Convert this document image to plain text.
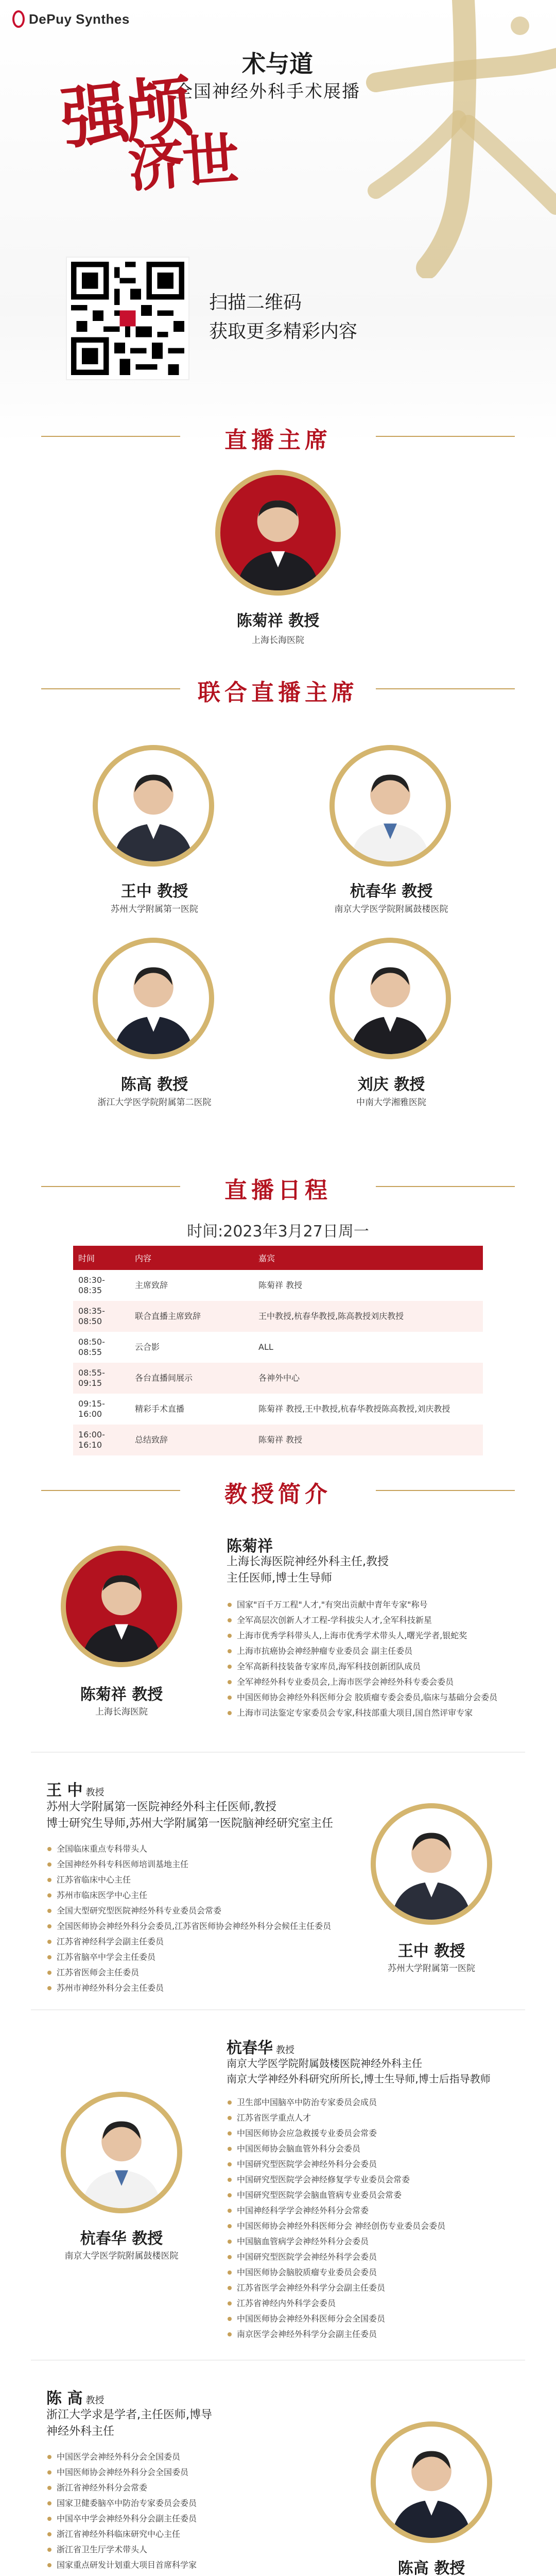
DePuy Synthes
术与道
全国神经外科手术展播
强颅
济世
扫描二维码
获取更多精彩内容
直播主席
陈菊祥 教授
上海长海医院
联合直播主席
王中 教授
苏州大学附属第一医院
杭春华 教授
南京大学医学院附属鼓楼医院
陈高 教授
浙江大学医学院附属第二医院
刘庆 教授
中南大学湘雅医院
直播日程
时间:2023年3月27日周一
时间	内容	嘉宾
08:30-08:35	主席致辞	陈菊祥 教授
08:35-08:50	联合直播主席致辞	王中教授,杭春华教授,陈高教授刘庆教授
08:50-08:55	云合影	ALL
08:55-09:15	各台直播间展示	各神外中心
09:15-16:00	精彩手术直播	陈菊祥 教授,王中教授,杭春华教授陈高教授,刘庆教授
16:00-16:10	总结致辞	陈菊祥 教授
教授简介
陈菊祥 教授
上海长海医院
陈菊祥
上海长海医院神经外科主任,教授
主任医师,博士生导师
国家"百千万工程"人才,"有突出贡献中青年专家"称号
全军高层次创新人才工程-学科拔尖人才,全军科技新星
上海市优秀学科带头人,上海市优秀学术带头人,曙光学者,银蛇奖
上海市抗癌协会神经肿瘤专业委员会 副主任委员
全军高新科技装备专家库员,海军科技创新团队成员
全军神经外科专业委员会,上海市医学会神经外科专委会委员
中国医师协会神经外科医师分会 胶质瘤专委会委员,临床与基础分会委员
上海市司法鉴定专家委员会专家,科技部重大项目,国自然评审专家
王 中 教授
苏州大学附属第一医院神经外科主任医师,教授
博士研究生导师,苏州大学附属第一医院脑神经研究室主任
全国临床重点专科带头人
全国神经外科专科医师培训基地主任
江苏省临床中心主任
苏州市临床医学中心主任
全国大型研究型医院神经外科专业委员会常委
全国医师协会神经外科分会委员,江苏省医师协会神经外科分会候任主任委员
江苏省神经科学会副主任委员
江苏省脑卒中学会主任委员
江苏省医师会主任委员
苏州市神经外科分会主任委员
王中 教授
苏州大学附属第一医院
杭春华 教授
南京大学医学院附属鼓楼医院
杭春华 教授
南京大学医学院附属鼓楼医院神经外科主任
南京大学神经外科研究所所长,博士生导师,博士后指导教师
卫生部中国脑卒中防治专家委员会成员
江苏省医学重点人才
中国医师协会应急救援专业委员会常委
中国医师协会脑血管外科分会委员
中国研究型医院学会神经外科分会委员
中国研究型医院学会神经修复学专业委员会常委
中国研究型医院学会脑血管病专业委员会常委
中国神经科学学会神经外科分会常委
中国医师协会神经外科医师分会 神经创伤专业委员会委员
中国脑血管病学会神经外科分会委员
中国研究型医院学会神经外科学会委员
中国医师协会脑胶质瘤专业委员会委员
江苏省医学会神经外科学分会副主任委员
江苏省神经内外科学会委员
中国医师协会神经外科医师分会全国委员
南京医学会神经外科学分会副主任委员
陈 高 教授
浙江大学求是学者,主任医师,博导
神经外科主任
中国医学会神经外科分会全国委员
中国医师协会神经外科分会全国委员
浙江省神经外科分会常委
国家卫健委脑卒中防治专家委员会委员
中国卒中学会神经外科分会副主任委员
浙江省神经外科临床研究中心主任
浙江省卫生厅学术带头人
国家重点研发计划重大项目首席科学家	陈高 教授
